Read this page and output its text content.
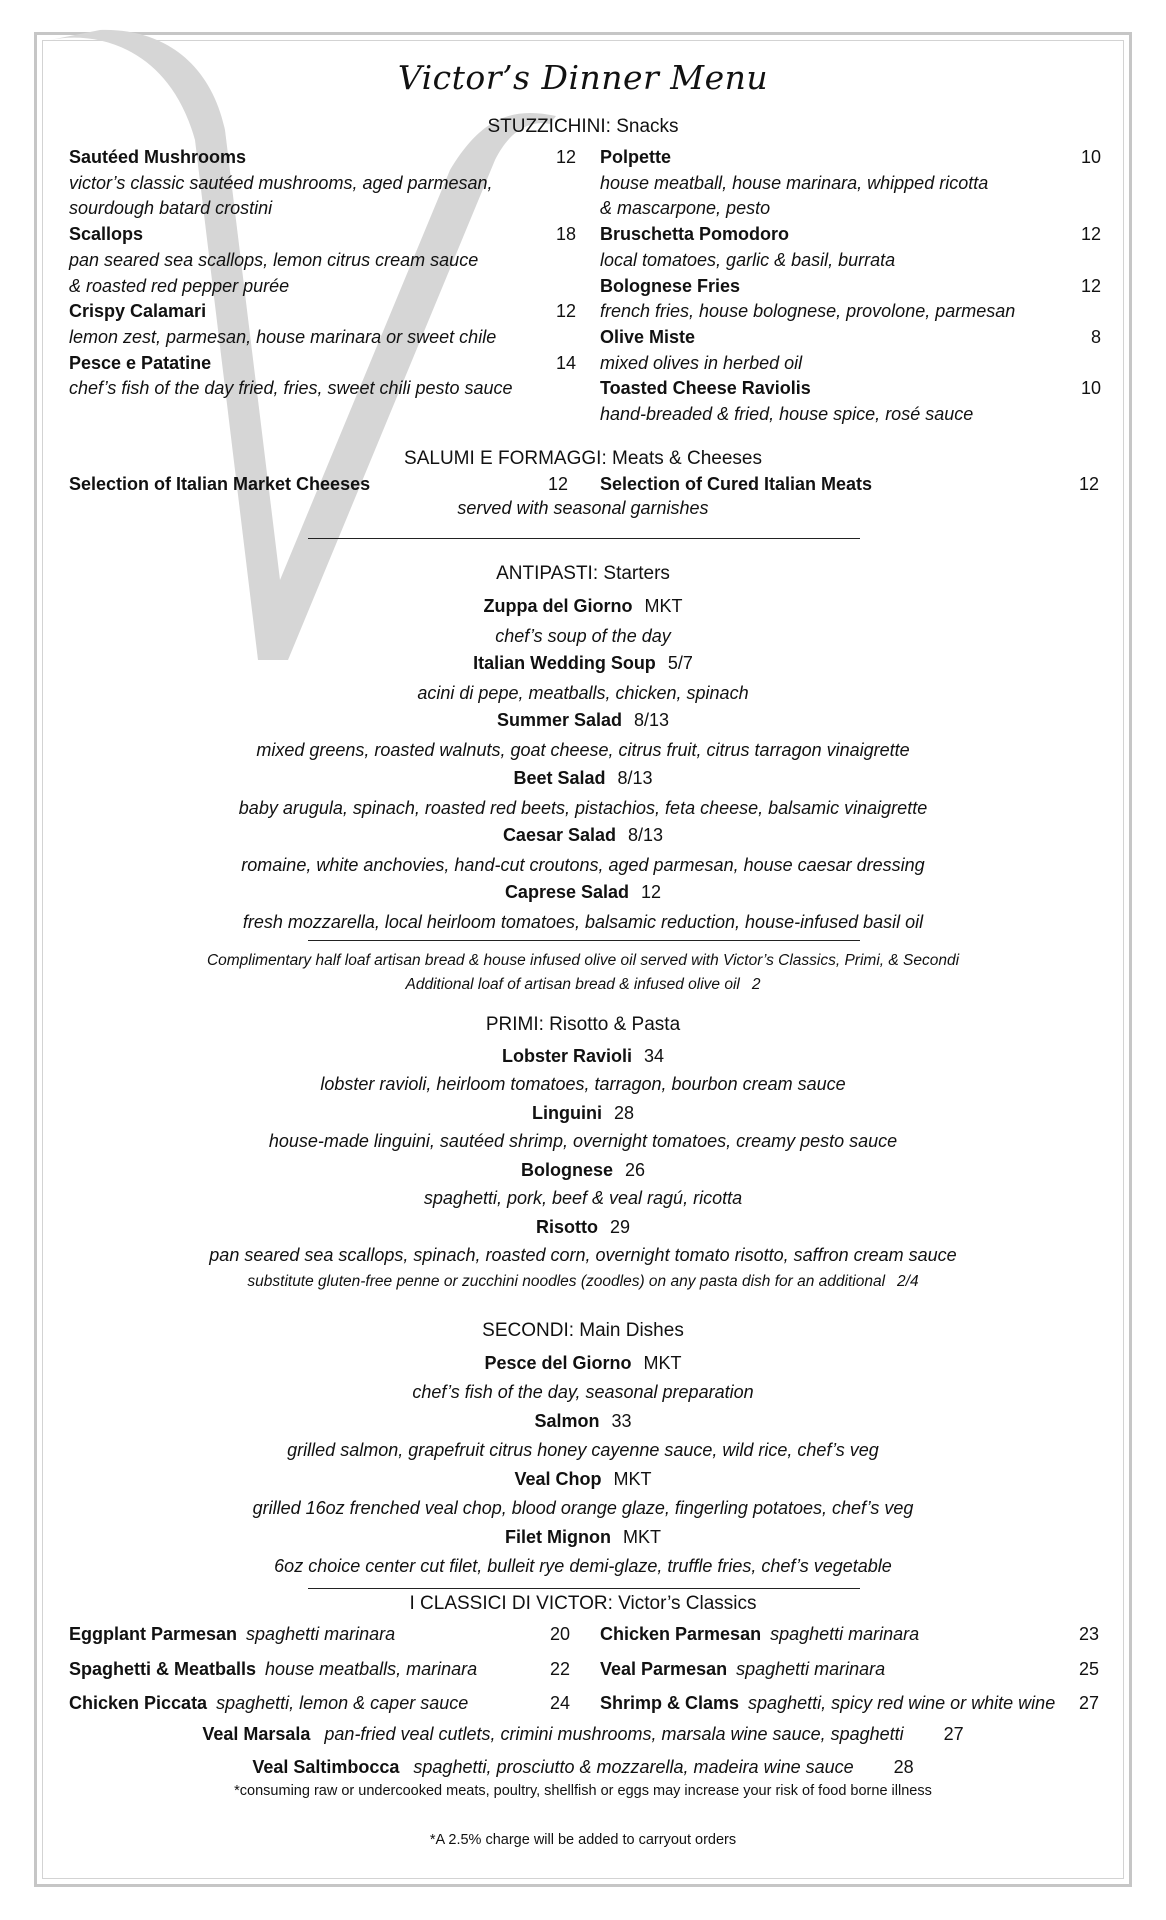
Victor’s Dinner Menu
STUZZICHINI: Snacks
Sautéed Mushrooms	12
victor’s classic sautéed mushrooms, aged parmesan,
sourdough batard crostini
Scallops	18
pan seared sea scallops, lemon citrus cream sauce
& roasted red pepper purée
Crispy Calamari	12
lemon zest, parmesan, house marinara or sweet chile
Pesce e Patatine	14
chef’s fish of the day fried, fries, sweet chili pesto sauce
Polpette	10
house meatball, house marinara, whipped ricotta
& mascarpone, pesto
Bruschetta Pomodoro	12
local tomatoes, garlic & basil, burrata
Bolognese Fries	12
french fries, house bolognese, provolone, parmesan
Olive Miste	8
mixed olives in herbed oil
Toasted Cheese Raviolis	10
hand-breaded & fried, house spice, rosé sauce
SALUMI E FORMAGGI: Meats & Cheeses
Selection of Italian Market Cheeses	12 Selection of Cured Italian Meats	12
served with seasonal garnishes
ANTIPASTI: Starters
Zuppa del Giorno MKT
chef’s soup of the day
Italian Wedding Soup 5/7
acini di pepe, meatballs, chicken, spinach
Summer Salad 8/13
mixed greens, roasted walnuts, goat cheese, citrus fruit, citrus tarragon vinaigrette
Beet Salad 8/13
baby arugula, spinach, roasted red beets, pistachios, feta cheese, balsamic vinaigrette
Caesar Salad 8/13
romaine, white anchovies, hand-cut croutons, aged parmesan, house caesar dressing
Caprese Salad 12
fresh mozzarella, local heirloom tomatoes, balsamic reduction, house-infused basil oil
Complimentary half loaf artisan bread & house infused olive oil served with Victor’s Classics, Primi, & Secondi
Additional loaf of artisan bread & infused olive oil 2
PRIMI: Risotto & Pasta
Lobster Ravioli 34
lobster ravioli, heirloom tomatoes, tarragon, bourbon cream sauce
Linguini 28
house-made linguini, sautéed shrimp, overnight tomatoes, creamy pesto sauce
Bolognese 26
spaghetti, pork, beef & veal ragú, ricotta
Risotto 29
pan seared sea scallops, spinach, roasted corn, overnight tomato risotto, saffron cream sauce
substitute gluten-free penne or zucchini noodles (zoodles) on any pasta dish for an additional 2/4
SECONDI: Main Dishes
Pesce del Giorno MKT
chef’s fish of the day, seasonal preparation
Salmon 33
grilled salmon, grapefruit citrus honey cayenne sauce, wild rice, chef’s veg
Veal Chop MKT
grilled 16oz frenched veal chop, blood orange glaze, fingerling potatoes, chef’s veg
Filet Mignon MKT
6oz choice center cut filet, bulleit rye demi-glaze, truffle fries, chef’s vegetable
I CLASSICI DI VICTOR: Victor’s Classics
Eggplant Parmesan spaghetti marinara	20
Spaghetti & Meatballs house meatballs, marinara	22
Chicken Piccata spaghetti, lemon & caper sauce	24
Chicken Parmesan spaghetti marinara	23
Veal Parmesan spaghetti marinara	25
Shrimp & Clams spaghetti, spicy red wine or white wine	27
Veal Marsala pan-fried veal cutlets, crimini mushrooms, marsala wine sauce, spaghetti 27
Veal Saltimbocca spaghetti, prosciutto & mozzarella, madeira wine sauce 28
*consuming raw or undercooked meats, poultry, shellfish or eggs may increase your risk of food borne illness
*A 2.5% charge will be added to carryout orders
